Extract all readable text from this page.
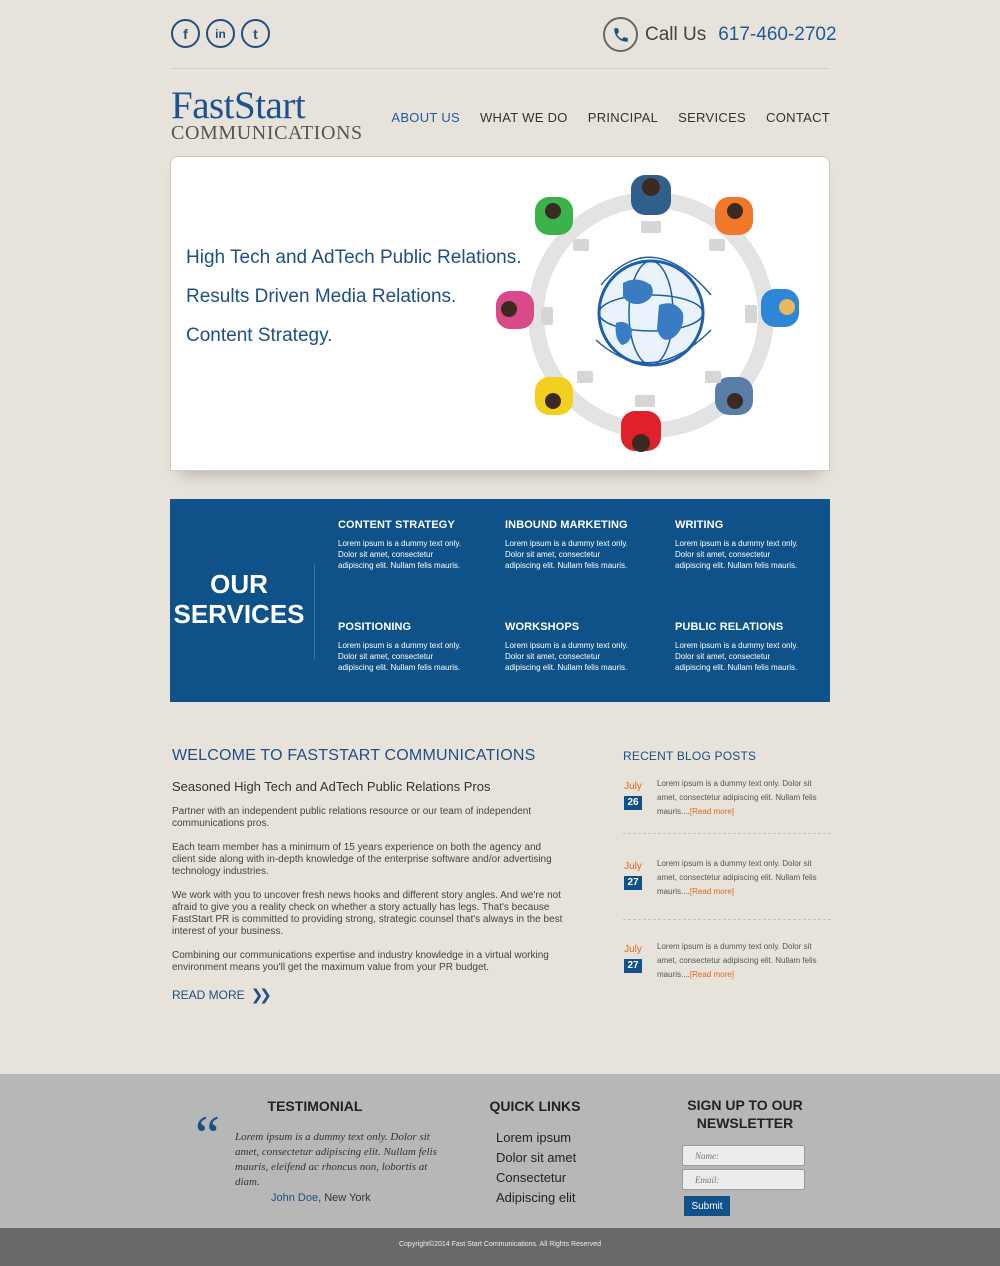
f	in	t	Call Us 617-460-2702
FastStart
COMMUNICATIONS
ABOUT US WHAT WE DO PRINCIPAL SERVICES CONTACT
High Tech and AdTech Public Relations.
Results Driven Media Relations.
Content Strategy.
OUR
SERVICES
CONTENT STRATEGY

Lorem ipsum is a dummy text only. Dolor sit amet, consectetur adipiscing elit. Nullam felis mauris.

INBOUND MARKETING

Lorem ipsum is a dummy text only. Dolor sit amet, consectetur adipiscing elit. Nullam felis mauris.

WRITING

Lorem ipsum is a dummy text only. Dolor sit amet, consectetur adipiscing elit. Nullam felis mauris.

POSITIONING

Lorem ipsum is a dummy text only. Dolor sit amet, consectetur adipiscing elit. Nullam felis mauris.

WORKSHOPS

Lorem ipsum is a dummy text only. Dolor sit amet, consectetur adipiscing elit. Nullam felis mauris.

PUBLIC RELATIONS

Lorem ipsum is a dummy text only. Dolor sit amet, consectetur adipiscing elit. Nullam felis mauris.

WELCOME TO FASTSTART COMMUNICATIONS
Seasoned High Tech and AdTech Public Relations Pros

Partner with an independent public relations resource or our team of independent communications pros.

Each team member has a minimum of 15 years experience on both the agency and client side along with in-depth knowledge of the enterprise software and/or advertising technology industries.

We work with you to uncover fresh news hooks and different story angles. And we're not afraid to give you a reality check on whether a story actually has legs. That's because FastStart PR is committed to providing strong, strategic counsel that's always in the best interest of your business.

Combining our communications expertise and industry knowledge in a virtual working environment means you'll get the maximum value from your PR budget.

READ MORE ❯❯
RECENT BLOG POSTS
July
26
Lorem ipsum is a dummy text only. Dolor sit amet, consectetur adipiscing elit. Nullam felis mauris....[Read more]
July
27
Lorem ipsum is a dummy text only. Dolor sit amet, consectetur adipiscing elit. Nullam felis mauris....[Read more]
July
27
Lorem ipsum is a dummy text only. Dolor sit amet, consectetur adipiscing elit. Nullam felis mauris....[Read more]
TESTIMONIAL
“ Lorem ipsum is a dummy text only. Dolor sit amet, consectetur adipiscing elit. Nullam felis mauris, eleifend ac rhoncus non, lobortis at diam.
John Doe, New York
QUICK LINKS
Lorem ipsum
Dolor sit amet
Consectetur
Adipiscing elit
SIGN UP TO OUR
NEWSLETTER
Name:
Email:
Submit
Copyright©2014 Fast Start Communications. All Rights Reserved
